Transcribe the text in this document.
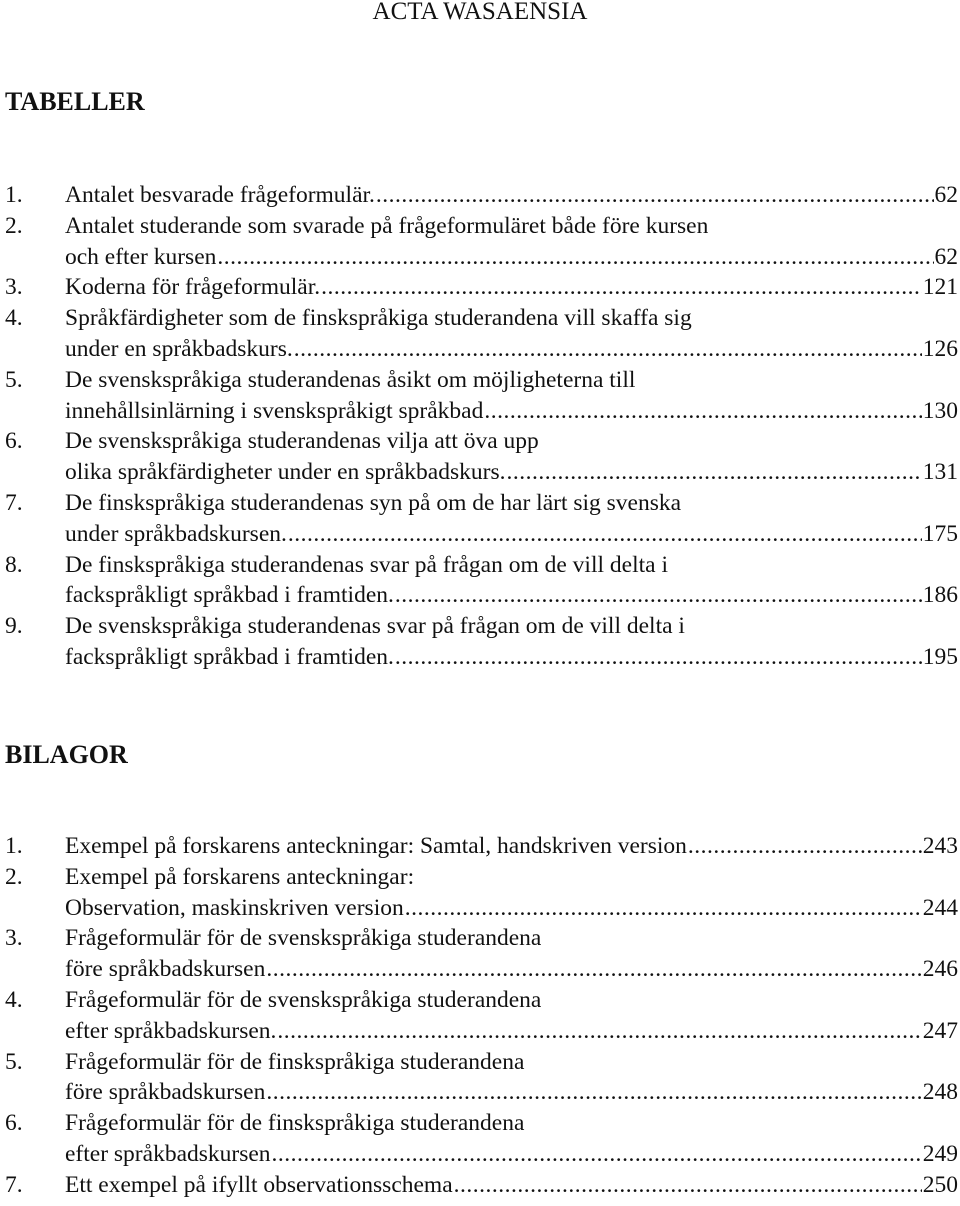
ACTA WASAENSIA
TABELLER
1.	Antalet besvarade frågeformulär. .....	62
2.	Antalet studerande som svarade på frågeformuläret både före kursen
och efter kursen .....	62
3.	Koderna för frågeformulär. .....	121
4.	Språkfärdigheter som de finskspråkiga studerandena vill skaffa sig
under en språkbadskurs. .....	126
5.	De svenskspråkiga studerandenas åsikt om möjligheterna till
innehållsinlärning i svenskspråkigt språkbad .....	130
6.	De svenskspråkiga studerandenas vilja att öva upp
olika språkfärdigheter under en språkbadskurs. .....	131
7.	De finskspråkiga studerandenas syn på om de har lärt sig svenska
under språkbadskursen. .....	175
8.	De finskspråkiga studerandenas svar på frågan om de vill delta i
fackspråkligt språkbad i framtiden. .....	186
9.	De svenskspråkiga studerandenas svar på frågan om de vill delta i
fackspråkligt språkbad i framtiden. .....	195
BILAGOR
1.	Exempel på forskarens anteckningar: Samtal, handskriven version .....	243
2.	Exempel på forskarens anteckningar:
Observation, maskinskriven version .....	244
3.	Frågeformulär för de svenskspråkiga studerandena
före språkbadskursen .....	246
4.	Frågeformulär för de svenskspråkiga studerandena
efter språkbadskursen. .....	247
5.	Frågeformulär för de finskspråkiga studerandena
före språkbadskursen .....	248
6.	Frågeformulär för de finskspråkiga studerandena
efter språkbadskursen .....	249
7.	Ett exempel på ifyllt observationsschema .....	250
